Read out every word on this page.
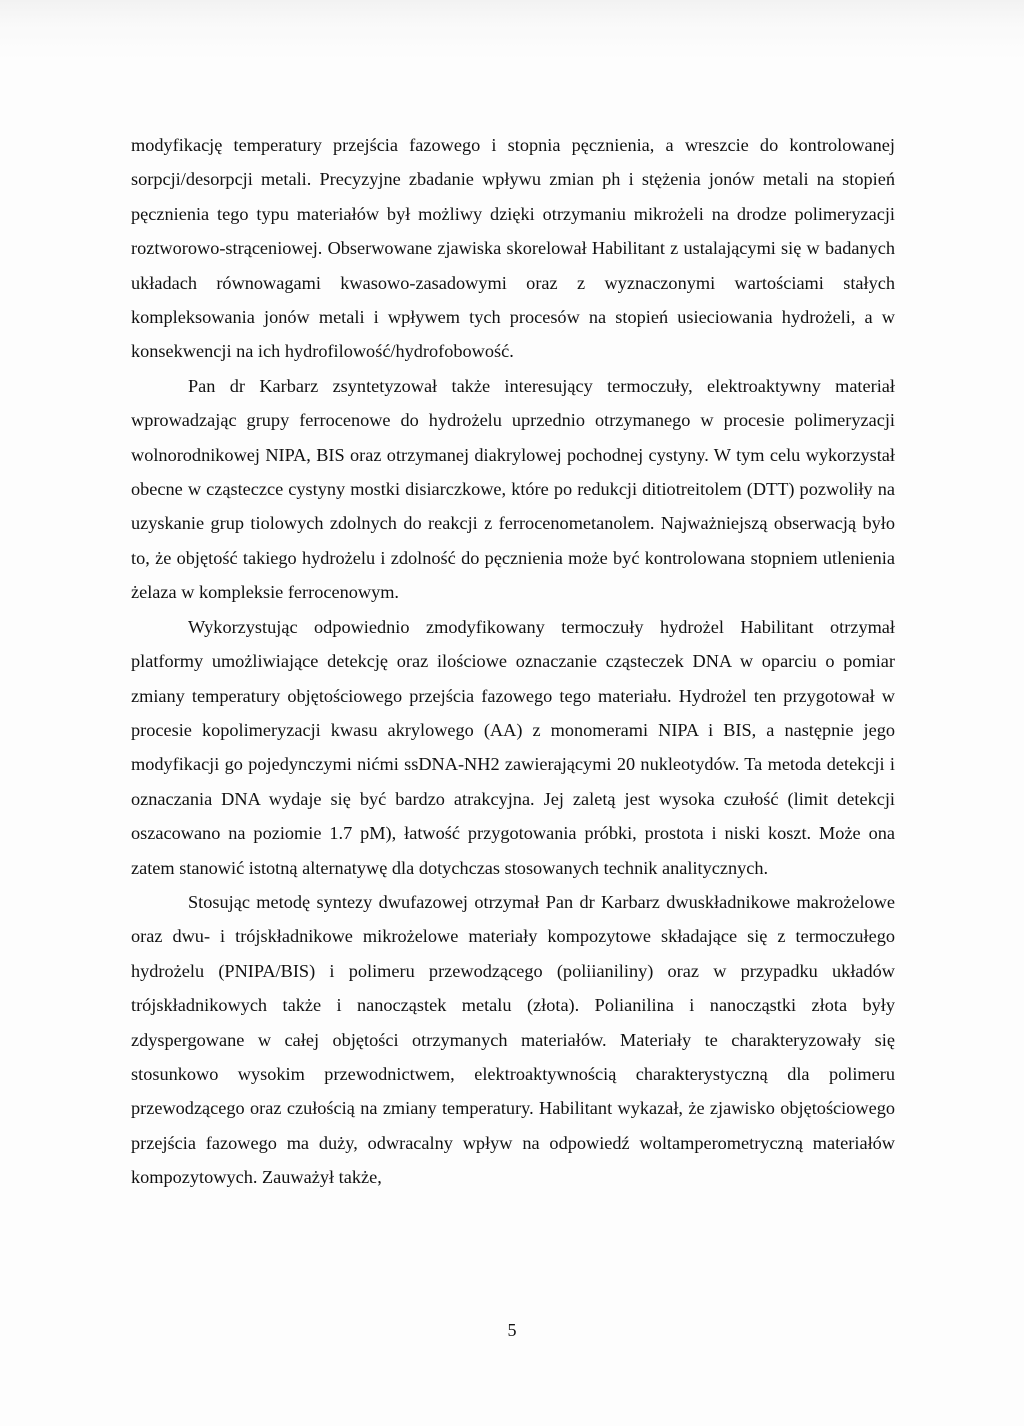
modyfikację temperatury przejścia fazowego i stopnia pęcznienia, a wreszcie do kontrolowanej sorpcji/desorpcji metali. Precyzyjne zbadanie wpływu zmian ph i stężenia jonów metali na stopień pęcznienia tego typu materiałów był możliwy dzięki otrzymaniu mikrożeli na drodze polimeryzacji roztworowo-strąceniowej. Obserwowane zjawiska skorelował Habilitant z ustalającymi się w badanych układach równowagami kwasowo-zasadowymi oraz z wyznaczonymi wartościami stałych kompleksowania jonów metali i wpływem tych procesów na stopień usieciowania hydrożeli, a w konsekwencji na ich hydrofilowość/hydrofobowość.

Pan dr Karbarz zsyntetyzował także interesujący termoczuły, elektroaktywny materiał wprowadzając grupy ferrocenowe do hydrożelu uprzednio otrzymanego w procesie polimeryzacji wolnorodnikowej NIPA, BIS oraz otrzymanej diakrylowej pochodnej cystyny. W tym celu wykorzystał obecne w cząsteczce cystyny mostki disiarczkowe, które po redukcji ditiotreitolem (DTT) pozwoliły na uzyskanie grup tiolowych zdolnych do reakcji z ferrocenometanolem. Najważniejszą obserwacją było to, że objętość takiego hydrożelu i zdolność do pęcznienia może być kontrolowana stopniem utlenienia żelaza w kompleksie ferrocenowym.

Wykorzystując odpowiednio zmodyfikowany termoczuły hydrożel Habilitant otrzymał platformy umożliwiające detekcję oraz ilościowe oznaczanie cząsteczek DNA w oparciu o pomiar zmiany temperatury objętościowego przejścia fazowego tego materiału. Hydrożel ten przygotował w procesie kopolimeryzacji kwasu akrylowego (AA) z monomerami NIPA i BIS, a następnie jego modyfikacji go pojedynczymi nićmi ssDNA-NH2 zawierającymi 20 nukleotydów. Ta metoda detekcji i oznaczania DNA wydaje się być bardzo atrakcyjna. Jej zaletą jest wysoka czułość (limit detekcji oszacowano na poziomie 1.7 pM), łatwość przygotowania próbki, prostota i niski koszt. Może ona zatem stanowić istotną alternatywę dla dotychczas stosowanych technik analitycznych.

Stosując metodę syntezy dwufazowej otrzymał Pan dr Karbarz dwuskładnikowe makrożelowe oraz dwu- i trójskładnikowe mikrożelowe materiały kompozytowe składające się z termoczułego hydrożelu (PNIPA/BIS) i polimeru przewodzącego (poliianiliny) oraz w przypadku układów trójskładnikowych także i nanocząstek metalu (złota). Polianilina i nanocząstki złota były zdyspergowane w całej objętości otrzymanych materiałów. Materiały te charakteryzowały się stosunkowo wysokim przewodnictwem, elektroaktywnością charakterystyczną dla polimeru przewodzącego oraz czułością na zmiany temperatury. Habilitant wykazał, że zjawisko objętościowego przejścia fazowego ma duży, odwracalny wpływ na odpowiedź woltamperometryczną materiałów kompozytowych. Zauważył także,

5
